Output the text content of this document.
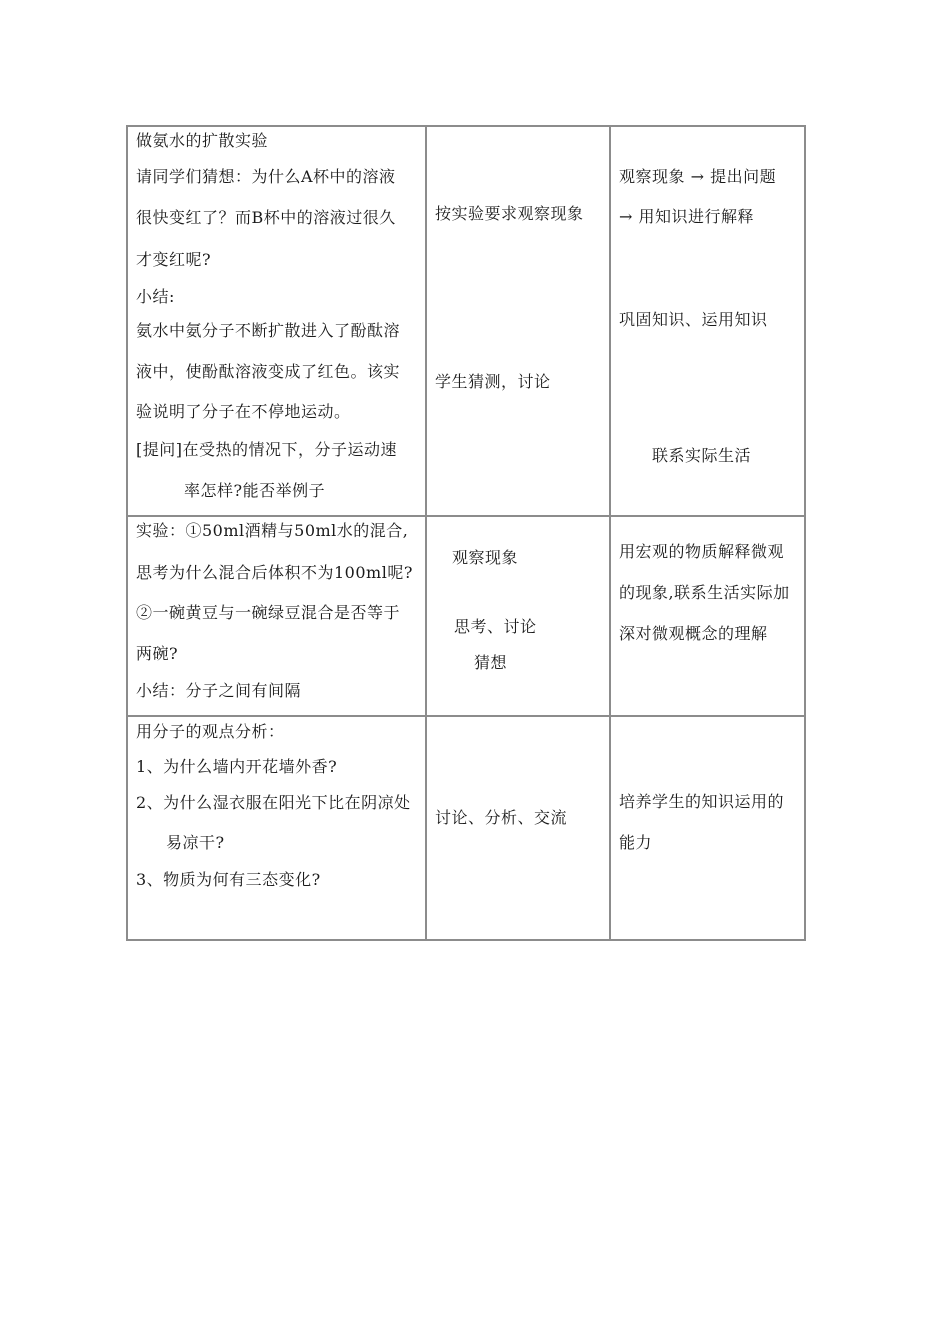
做氨水的扩散实验
请同学们猜想：为什么A杯中的溶液
很快变红了？而B杯中的溶液过很久
才变红呢?
小结:
氨水中氨分子不断扩散进入了酚酞溶
液中，使酚酞溶液变成了红色。该实
验说明了分子在不停地运动。
[提问]在受热的情况下，分子运动速
率怎样?能否举例子
按实验要求观察现象
学生猜测，讨论
观察现象 → 提出问题
→ 用知识进行解释
巩固知识、运用知识
联系实际生活
实验：①50ml酒精与50ml水的混合,
思考为什么混合后体积不为100ml呢?
②一碗黄豆与一碗绿豆混合是否等于
两碗?
小结：分子之间有间隔
观察现象
思考、讨论
猜想
用宏观的物质解释微观
的现象,联系生活实际加
深对微观概念的理解
用分子的观点分析：
1、为什么墙内开花墙外香?
2、为什么湿衣服在阳光下比在阴凉处
易凉干?
3、物质为何有三态变化?
讨论、分析、交流
培养学生的知识运用的
能力
